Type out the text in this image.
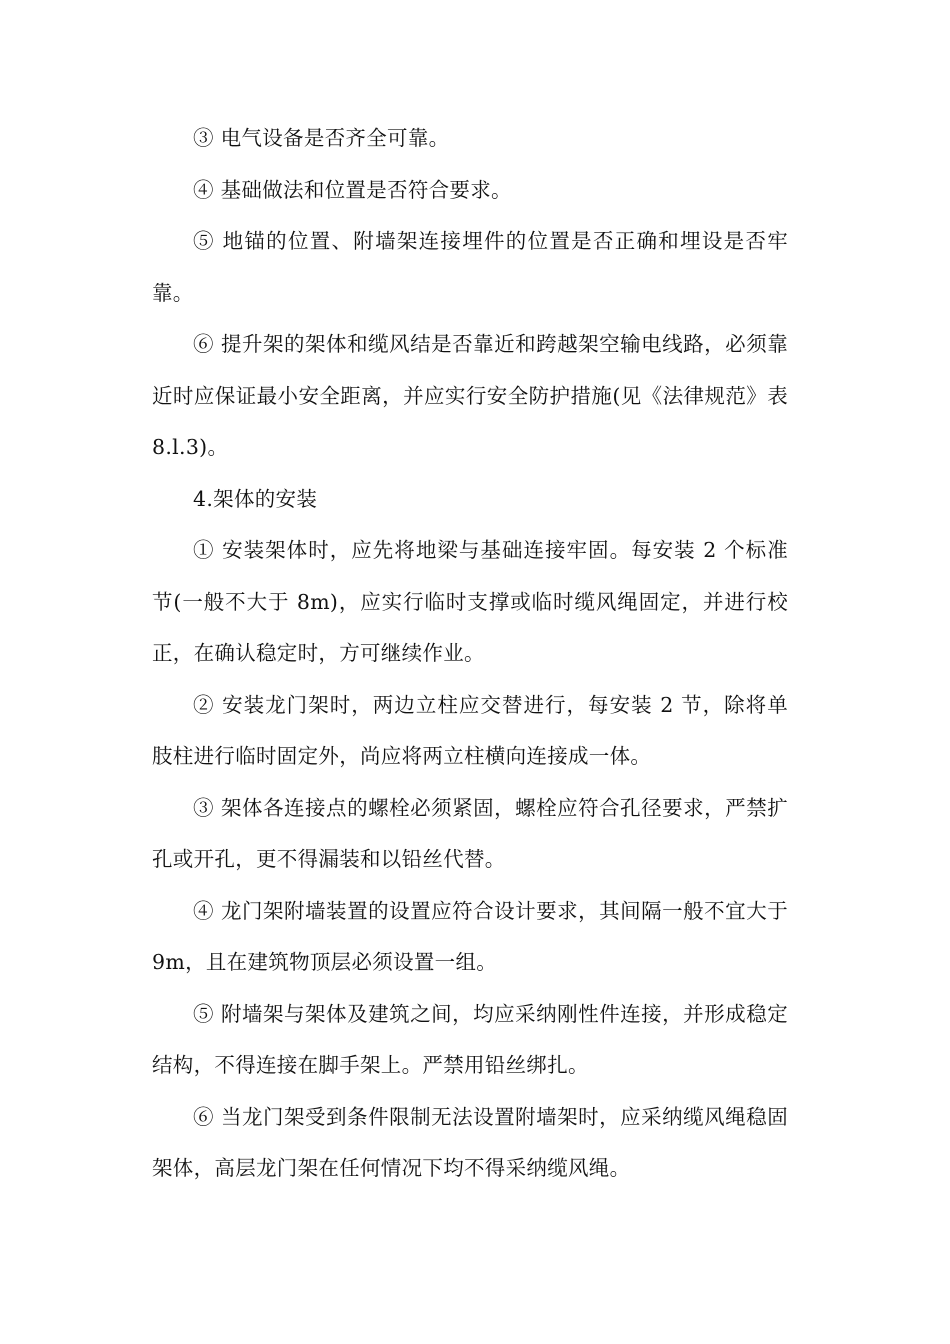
③ 电气设备是否齐全可靠。

④ 基础做法和位置是否符合要求。

⑤ 地锚的位置、附墙架连接埋件的位置是否正确和埋设是否牢靠。

⑥ 提升架的架体和缆风结是否靠近和跨越架空输电线路，必须靠近时应保证最小安全距离，并应实行安全防护措施(见《法律规范》表 8.l.3)。

4.架体的安装

① 安装架体时，应先将地梁与基础连接牢固。每安装 2 个标准节(一般不大于 8m)，应实行临时支撑或临时缆风绳固定，并进行校正，在确认稳定时，方可继续作业。

② 安装龙门架时，两边立柱应交替进行，每安装 2 节，除将单肢柱进行临时固定外，尚应将两立柱横向连接成一体。

③ 架体各连接点的螺栓必须紧固，螺栓应符合孔径要求，严禁扩孔或开孔，更不得漏装和以铅丝代替。

④ 龙门架附墙装置的设置应符合设计要求，其间隔一般不宜大于 9m，且在建筑物顶层必须设置一组。

⑤ 附墙架与架体及建筑之间，均应采纳刚性件连接，并形成稳定结构，不得连接在脚手架上。严禁用铅丝绑扎。

⑥ 当龙门架受到条件限制无法设置附墙架时，应采纳缆风绳稳固架体，高层龙门架在任何情况下均不得采纳缆风绳。
